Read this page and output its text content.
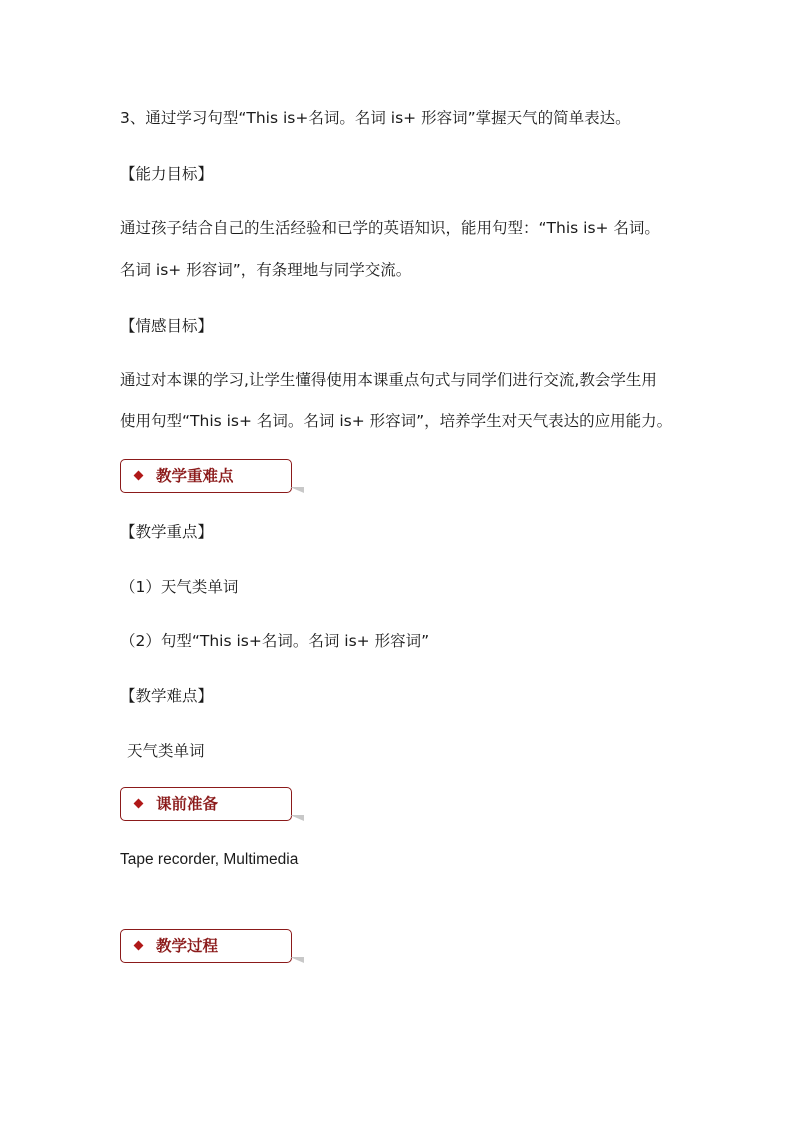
3、通过学习句型“This is+名词。名词 is+ 形容词”掌握天气的简单表达。
【能力目标】
通过孩子结合自己的生活经验和已学的英语知识，能用句型：“This is+ 名词。
名词 is+ 形容词”，有条理地与同学交流。
【情感目标】
通过对本课的学习,让学生懂得使用本课重点句式与同学们进行交流,教会学生用
使用句型“This is+ 名词。名词 is+ 形容词”，培养学生对天气表达的应用能力。
教学重难点
【教学重点】
（1）天气类单词
（2）句型“This is+名词。名词 is+ 形容词”
【教学难点】
天气类单词
课前准备
Tape recorder, Multimedia
教学过程
